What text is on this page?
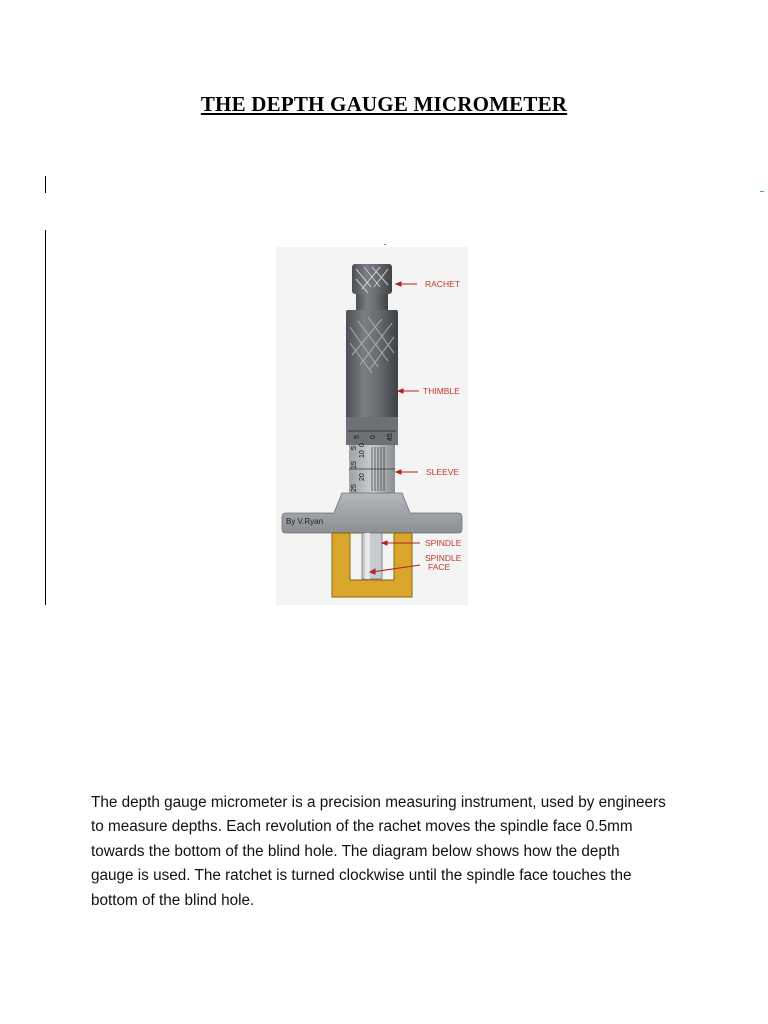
THE DEPTH GAUGE MICROMETER
5 0 45
25
20
15
10
5
0
By V.Ryan
RACHET
THIMBLE
SLEEVE
SPINDLE
SPINDLE
FACE
The depth gauge micrometer is a precision measuring instrument, used by engineers
to measure depths. Each revolution of the rachet moves the spindle face 0.5mm
towards the bottom of the blind hole. The diagram below shows how the depth
gauge is used. The ratchet is turned clockwise until the spindle face touches the
bottom of the blind hole.
